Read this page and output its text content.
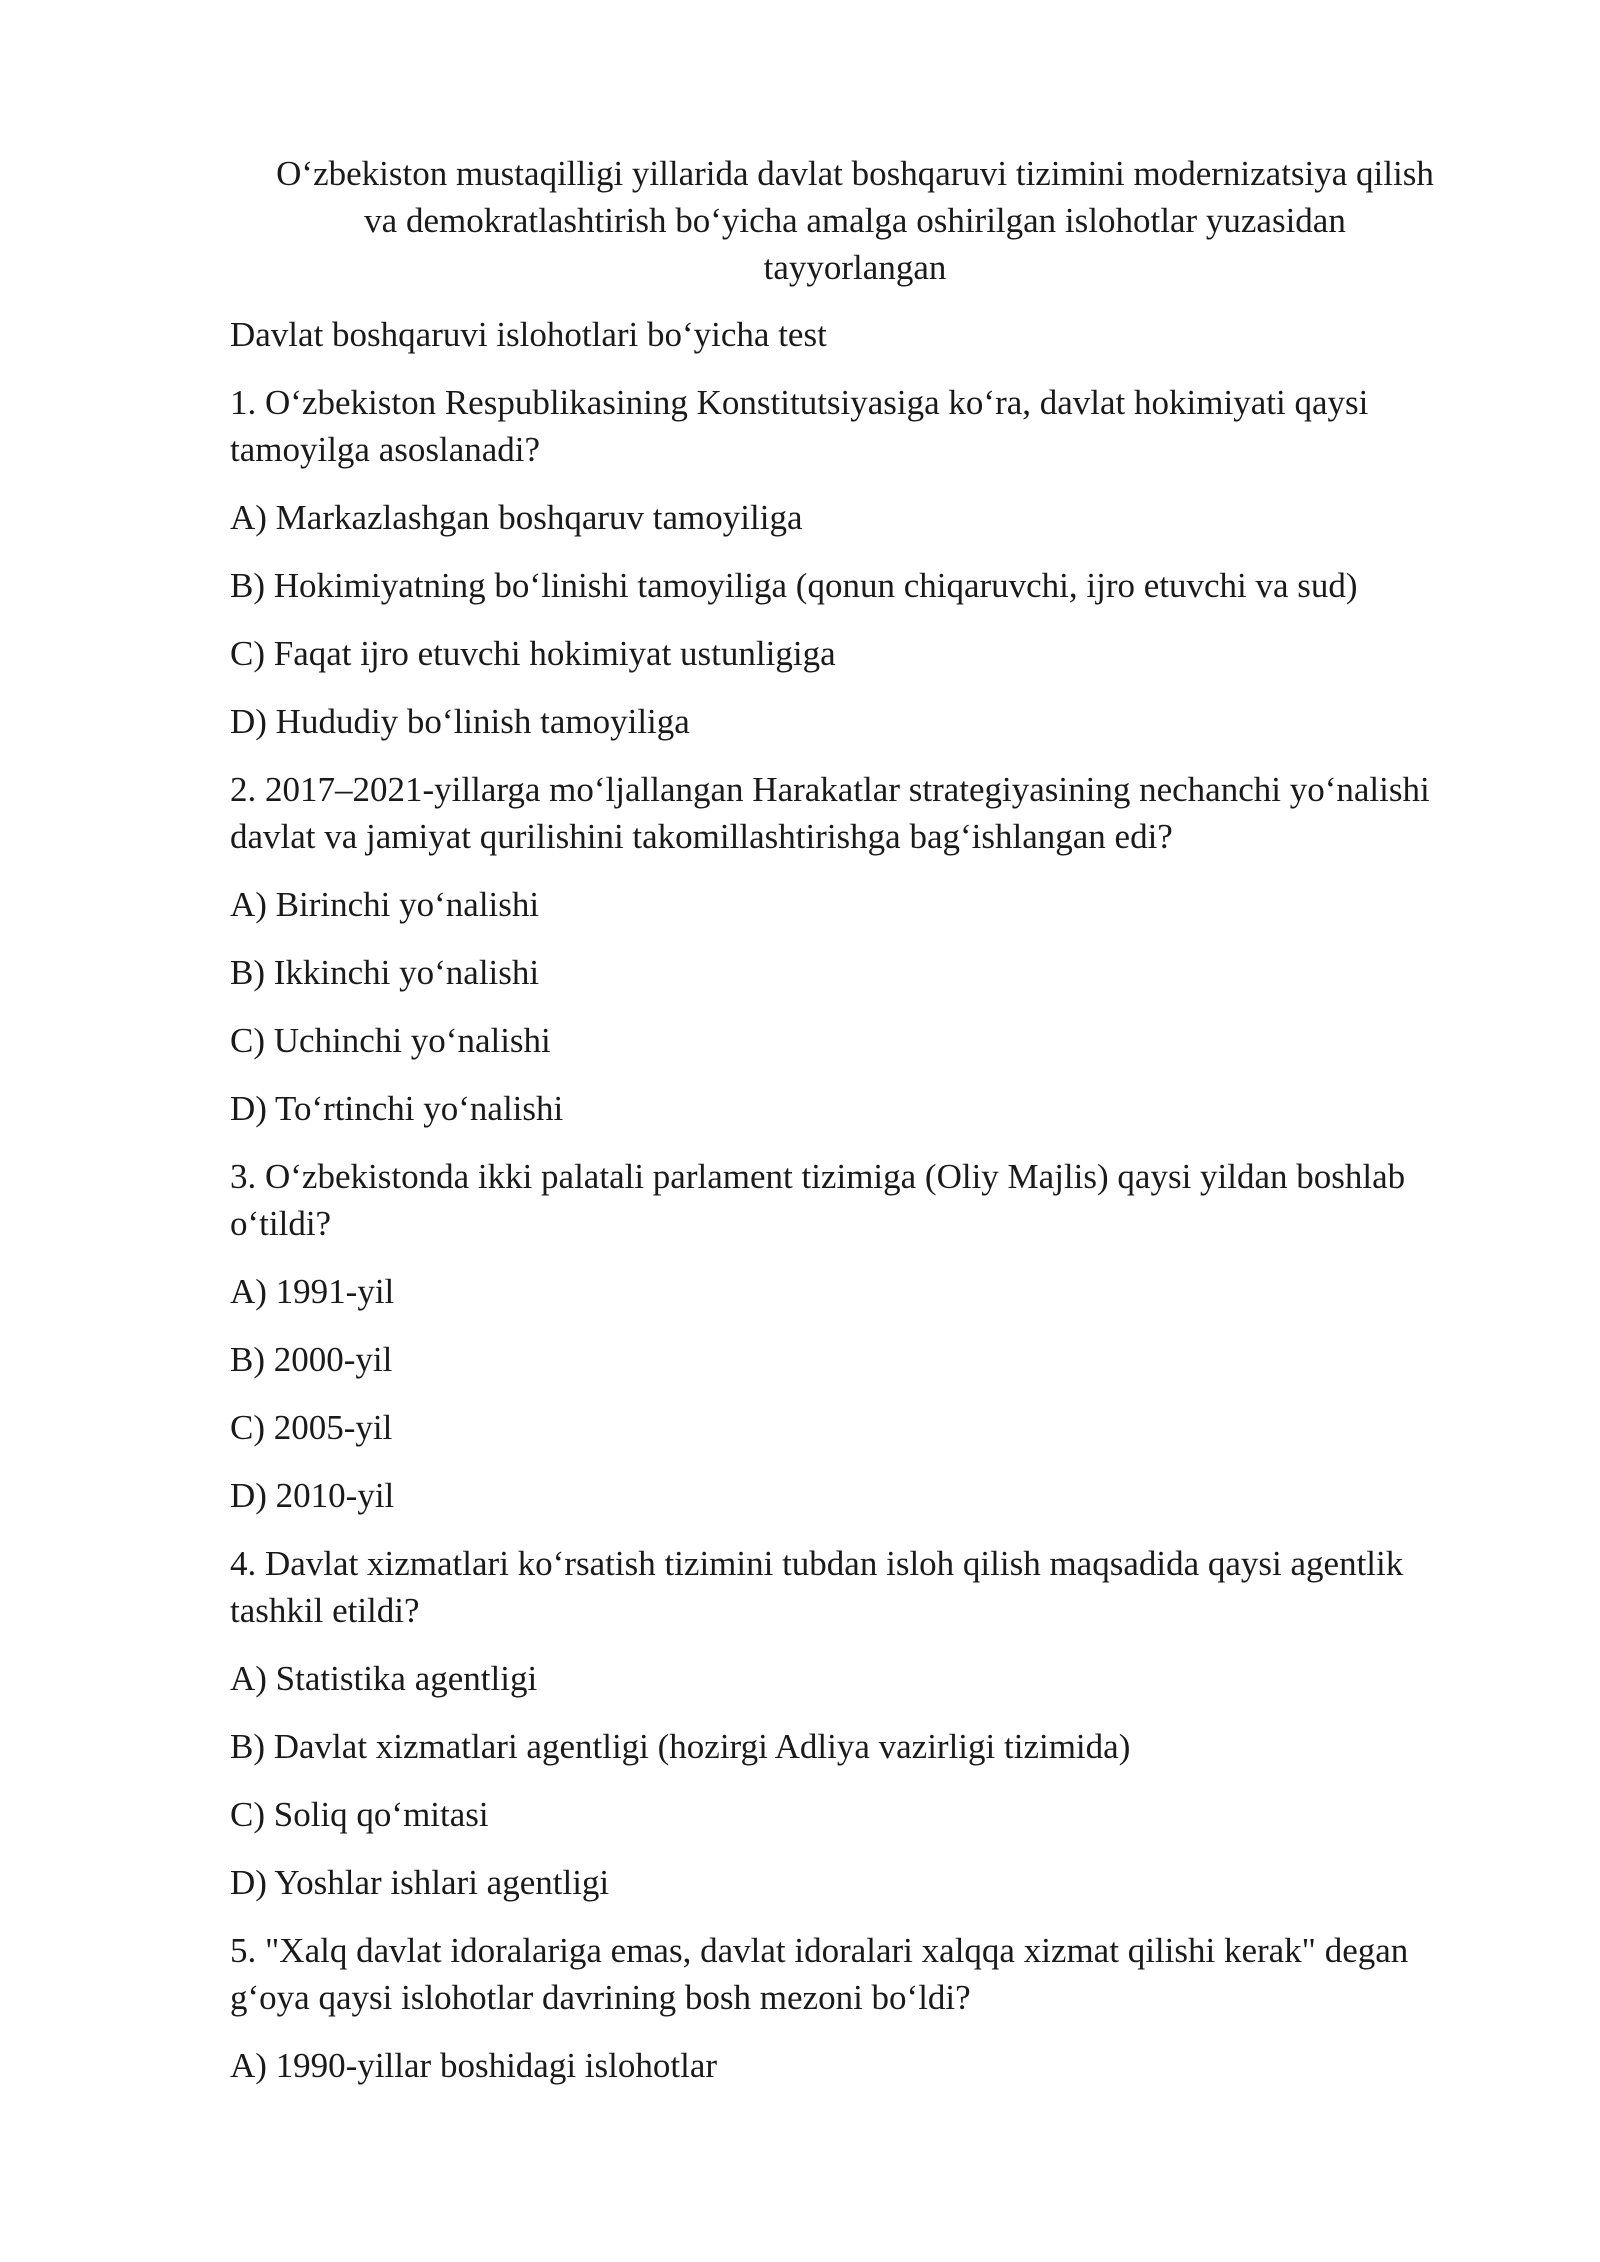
O‘zbekiston mustaqilligi yillarida davlat boshqaruvi tizimini modernizatsiya qilish va demokratlashtirish bo‘yicha amalga oshirilgan islohotlar yuzasidan tayyorlangan
Davlat boshqaruvi islohotlari bo‘yicha test
1. O‘zbekiston Respublikasining Konstitutsiyasiga ko‘ra, davlat hokimiyati qaysi tamoyilga asoslanadi?
A) Markazlashgan boshqaruv tamoyiliga
B) Hokimiyatning bo‘linishi tamoyiliga (qonun chiqaruvchi, ijro etuvchi va sud)
C) Faqat ijro etuvchi hokimiyat ustunligiga
D) Hududiy bo‘linish tamoyiliga
2. 2017–2021-yillarga mo‘ljallangan Harakatlar strategiyasining nechanchi yo‘nalishi davlat va jamiyat qurilishini takomillashtirishga bag‘ishlangan edi?
A) Birinchi yo‘nalishi
B) Ikkinchi yo‘nalishi
C) Uchinchi yo‘nalishi
D) To‘rtinchi yo‘nalishi
3. O‘zbekistonda ikki palatali parlament tizimiga (Oliy Majlis) qaysi yildan boshlab o‘tildi?
A) 1991-yil
B) 2000-yil
C) 2005-yil
D) 2010-yil
4. Davlat xizmatlari ko‘rsatish tizimini tubdan isloh qilish maqsadida qaysi agentlik tashkil etildi?
A) Statistika agentligi
B) Davlat xizmatlari agentligi (hozirgi Adliya vazirligi tizimida)
C) Soliq qo‘mitasi
D) Yoshlar ishlari agentligi
5. "Xalq davlat idoralariga emas, davlat idoralari xalqqa xizmat qilishi kerak" degan g‘oya qaysi islohotlar davrining bosh mezoni bo‘ldi?
A) 1990-yillar boshidagi islohotlar
